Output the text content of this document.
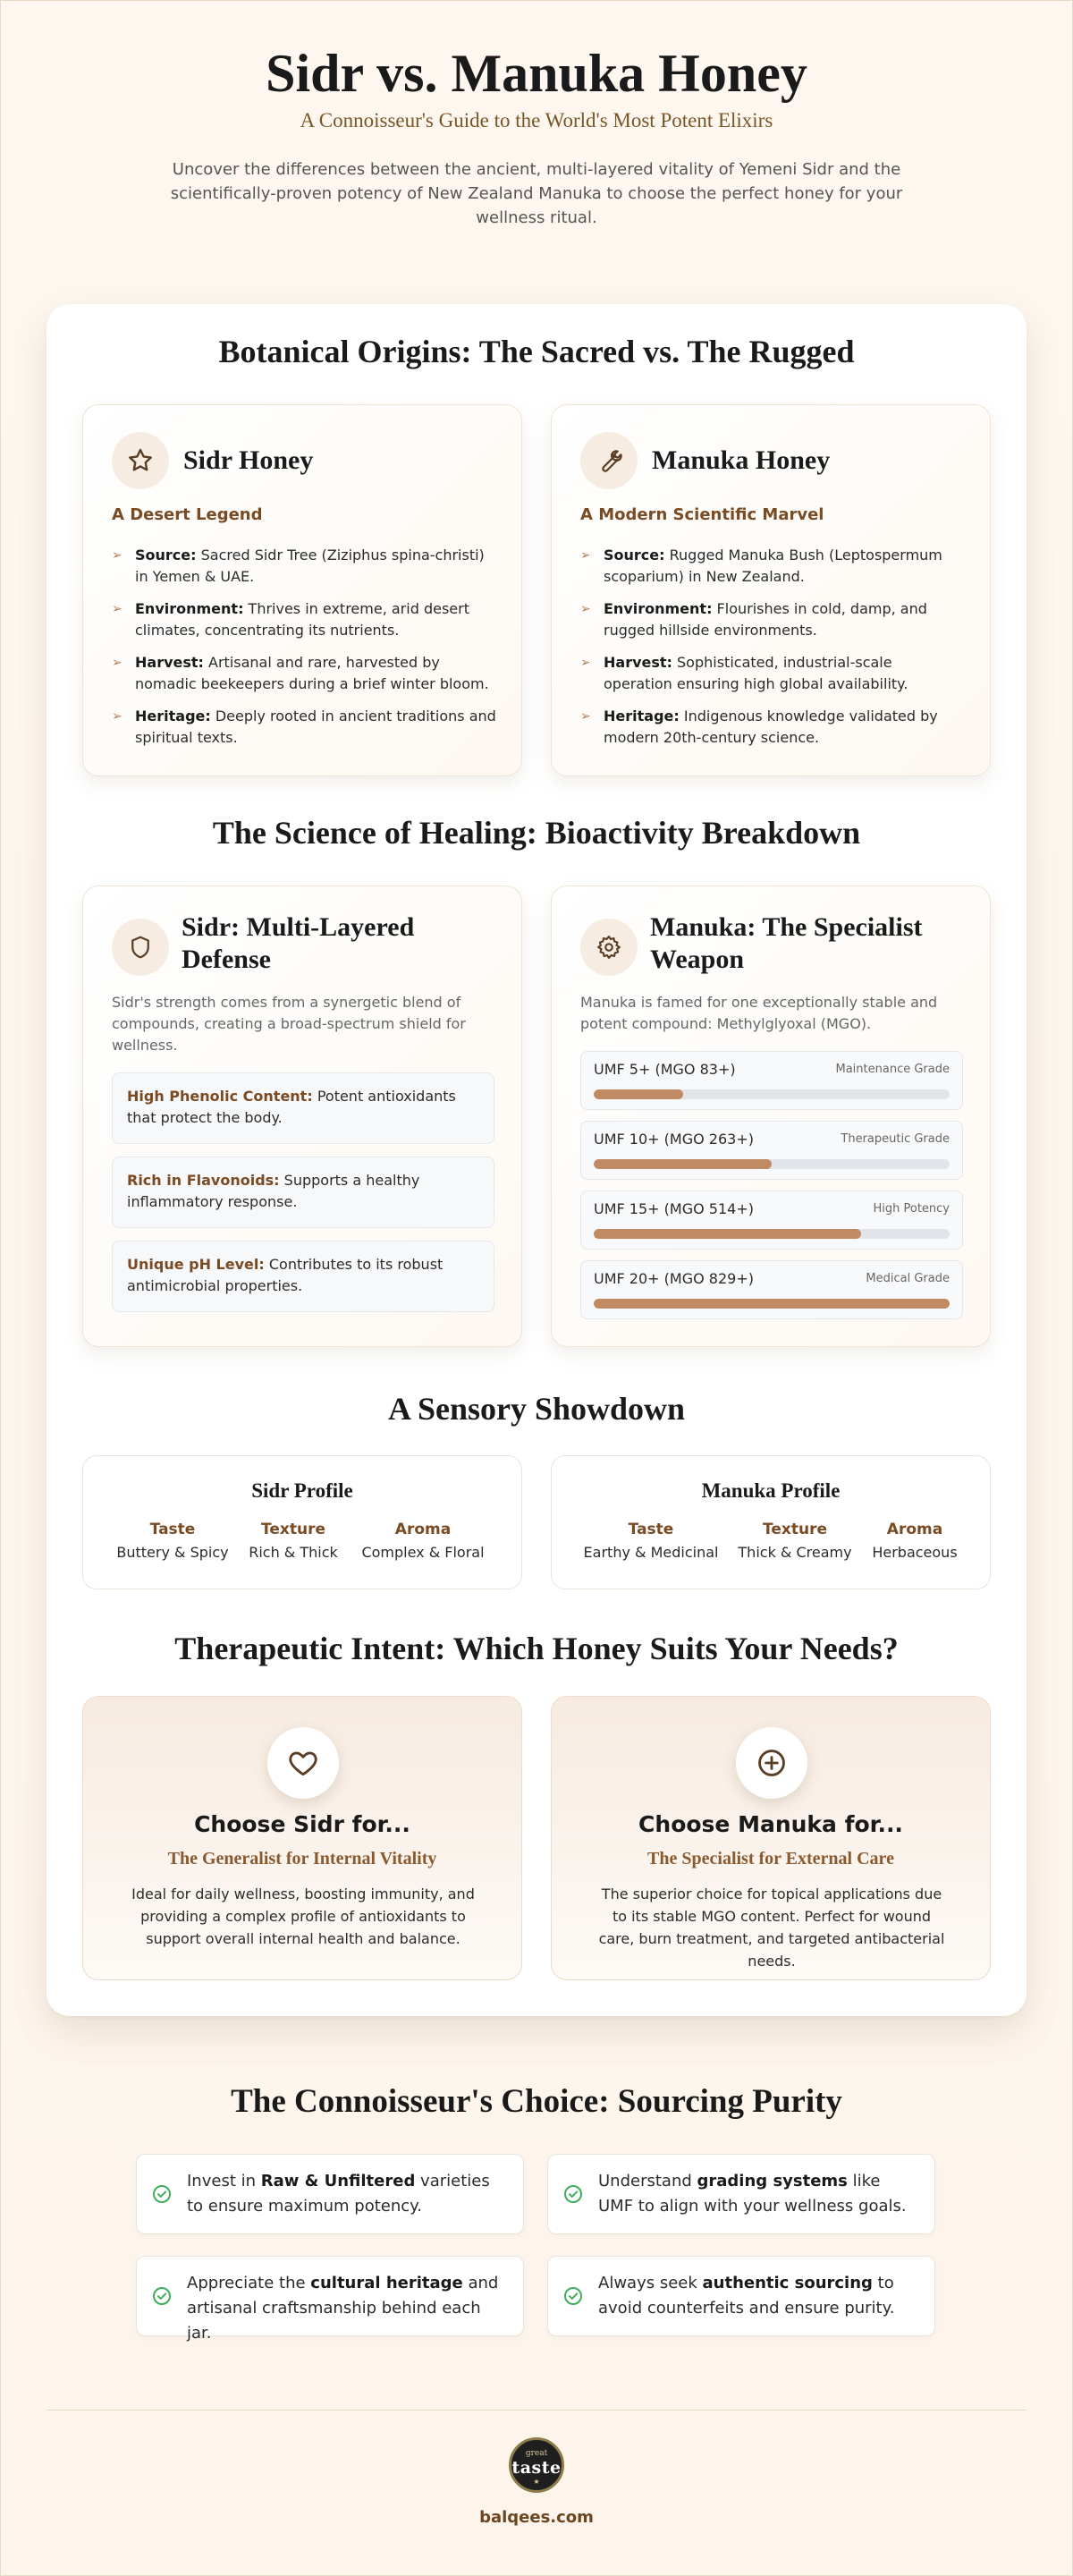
Sidr vs. Manuka Honey
A Connoisseur's Guide to the World's Most Potent Elixirs

Uncover the differences between the ancient, multi-layered vitality of Yemeni Sidr and the scientifically-proven potency of New Zealand Manuka to choose the perfect honey for your wellness ritual.

Botanical Origins: The Sacred vs. The Rugged
Sidr Honey
A Desert Legend
➢ Source: Sacred Sidr Tree (Ziziphus spina-christi) in Yemen & UAE.
➢ Environment: Thrives in extreme, arid desert climates, concentrating its nutrients.
➢ Harvest: Artisanal and rare, harvested by nomadic beekeepers during a brief winter bloom.
➢ Heritage: Deeply rooted in ancient traditions and spiritual texts.
Manuka Honey
A Modern Scientific Marvel
➢ Source: Rugged Manuka Bush (Leptospermum scoparium) in New Zealand.
➢ Environment: Flourishes in cold, damp, and rugged hillside environments.
➢ Harvest: Sophisticated, industrial-scale operation ensuring high global availability.
➢ Heritage: Indigenous knowledge validated by modern 20th-century science.
The Science of Healing: Bioactivity Breakdown
Sidr: Multi-Layered
Defense

Sidr's strength comes from a synergetic blend of compounds, creating a broad-spectrum shield for wellness.

High Phenolic Content: Potent antioxidants that protect the body.
Rich in Flavonoids: Supports a healthy inflammatory response.
Unique pH Level: Contributes to its robust antimicrobial properties.
Manuka: The Specialist
Weapon

Manuka is famed for one exceptionally stable and potent compound: Methylglyoxal (MGO).

UMF 5+ (MGO 83+)	Maintenance Grade
UMF 10+ (MGO 263+)	Therapeutic Grade
UMF 15+ (MGO 514+)	High Potency
UMF 20+ (MGO 829+)	Medical Grade
A Sensory Showdown
Sidr Profile
Taste
Buttery & Spicy
Texture
Rich & Thick
Aroma
Complex & Floral
Manuka Profile
Taste
Earthy & Medicinal
Texture
Thick & Creamy
Aroma
Herbaceous
Therapeutic Intent: Which Honey Suits Your Needs?
Choose Sidr for...
The Generalist for Internal Vitality

Ideal for daily wellness, boosting immunity, and providing a complex profile of antioxidants to support overall internal health and balance.

Choose Manuka for...
The Specialist for External Care

The superior choice for topical applications due to its stable MGO content. Perfect for wound care, burn treatment, and targeted antibacterial needs.

The Connoisseur's Choice: Sourcing Purity
Invest in Raw & Unfiltered varieties to ensure maximum potency.
Understand grading systems like UMF to align with your wellness goals.
Appreciate the cultural heritage and artisanal craftsmanship behind each jar.
Always seek authentic sourcing to avoid counterfeits and ensure purity.
great
taste
★
balqees.com
